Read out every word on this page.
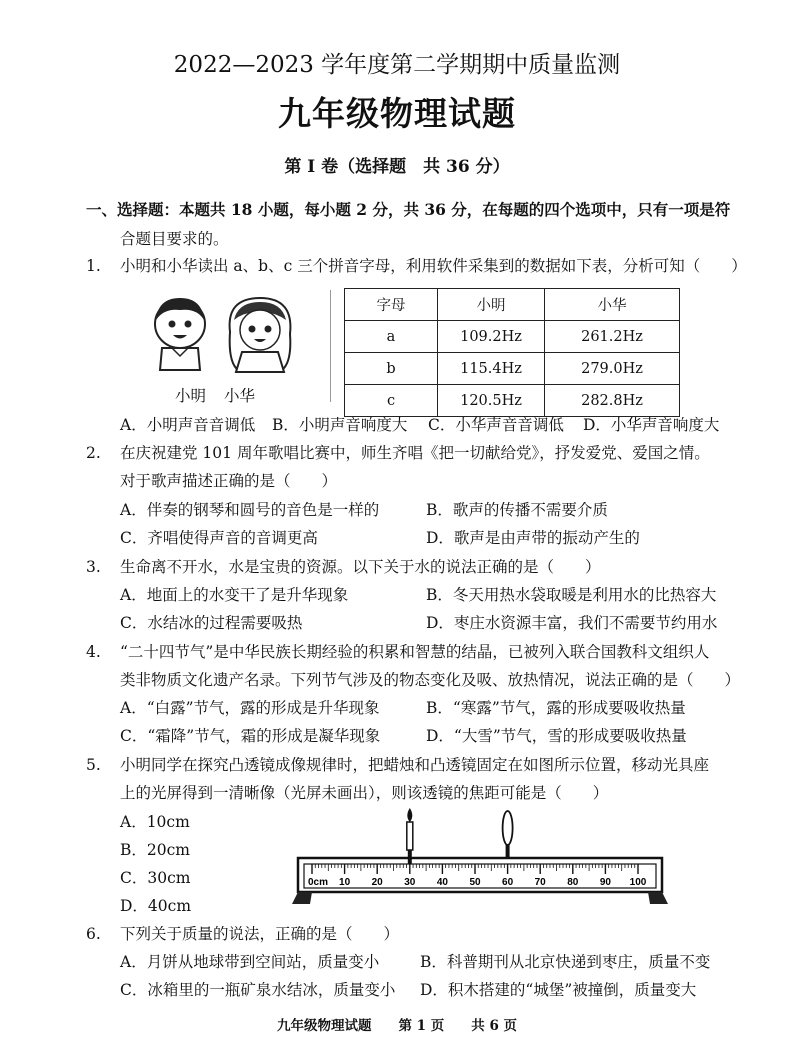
2022—2023 学年度第二学期期中质量监测
九年级物理试题
第 I 卷（选择题　共 36 分）
一、选择题：本题共 18 小题，每小题 2 分，共 36 分，在每题的四个选项中，只有一项是符
合题目要求的。
1. 小明和小华读出 a、b、c 三个拼音字母，利用软件采集到的数据如下表，分析可知（　　）
小明 小华
字母	小明	小华
a	109.2Hz	261.2Hz
b	115.4Hz	279.0Hz
c	120.5Hz	282.8Hz
A．小明声音音调低 B．小明声音响度大 C．小华声音音调低 D．小华声音响度大
2. 在庆祝建党 101 周年歌唱比赛中，师生齐唱《把一切献给党》，抒发爱党、爱国之情。
对于歌声描述正确的是（　　）
A．伴奏的钢琴和圆号的音色是一样的	B．歌声的传播不需要介质
C．齐唱使得声音的音调更高	D．歌声是由声带的振动产生的
3. 生命离不开水，水是宝贵的资源。以下关于水的说法正确的是（　　）
A．地面上的水变干了是升华现象	B．冬天用热水袋取暖是利用水的比热容大
C．水结冰的过程需要吸热	D．枣庄水资源丰富，我们不需要节约用水
4. “二十四节气”是中华民族长期经验的积累和智慧的结晶，已被列入联合国教科文组织人
类非物质文化遗产名录。下列节气涉及的物态变化及吸、放热情况，说法正确的是（　　）
A．“白露”节气，露的形成是升华现象	B．“寒露”节气，露的形成要吸收热量
C．“霜降”节气，霜的形成是凝华现象	D．“大雪”节气，雪的形成要吸收热量
5. 小明同学在探究凸透镜成像规律时，把蜡烛和凸透镜固定在如图所示位置，移动光具座
上的光屏得到一清晰像（光屏未画出），则该透镜的焦距可能是（　　）
A．10cm
B．20cm
C．30cm
D．40cm
0cm 10 20 30 40 50 60 70 80 90 100
6. 下列关于质量的说法，正确的是（　　）
A．月饼从地球带到空间站，质量变小	B．科普期刊从北京快递到枣庄，质量不变
C．冰箱里的一瓶矿泉水结冰，质量变小 D．积木搭建的“城堡”被撞倒，质量变大
九年级物理试题　　第 1 页　　共 6 页
